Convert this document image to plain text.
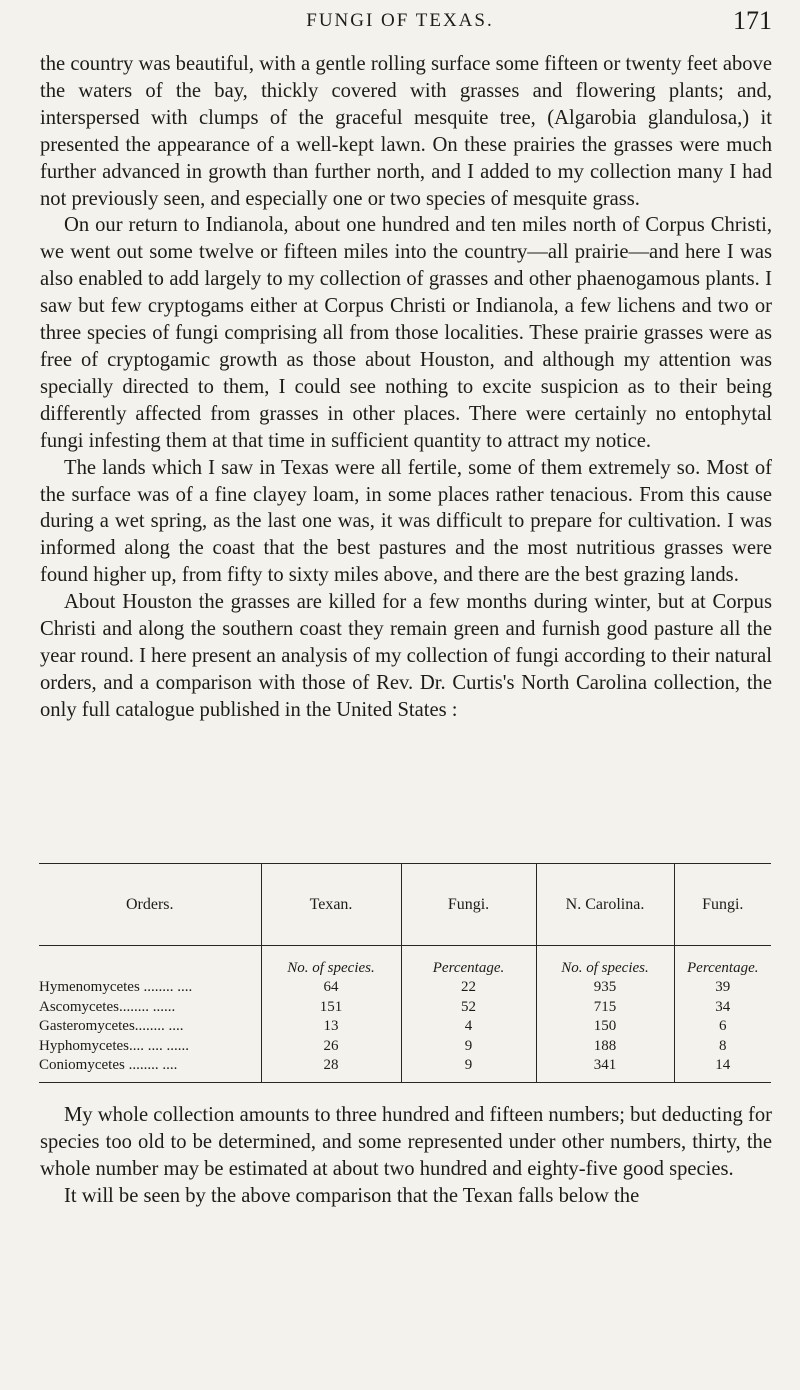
FUNGI OF TEXAS.	171

the country was beautiful, with a gentle rolling surface some fifteen or twenty feet above the waters of the bay, thickly covered with grasses and flowering plants; and, interspersed with clumps of the graceful mesquite tree, (Algarobia glandulosa,) it presented the appearance of a well-kept lawn. On these prairies the grasses were much further advanced in growth than further north, and I added to my collection many I had not previously seen, and especially one or two species of mesquite grass.

On our return to Indianola, about one hundred and ten miles north of Corpus Christi, we went out some twelve or fifteen miles into the country—all prairie—and here I was also enabled to add largely to my collection of grasses and other phaenogamous plants. I saw but few cryptogams either at Corpus Christi or Indianola, a few lichens and two or three species of fungi comprising all from those localities. These prairie grasses were as free of cryptogamic growth as those about Houston, and although my attention was specially directed to them, I could see nothing to excite suspicion as to their being differently affected from grasses in other places. There were certainly no entophytal fungi infesting them at that time in sufficient quantity to attract my notice.

The lands which I saw in Texas were all fertile, some of them extremely so. Most of the surface was of a fine clayey loam, in some places rather tenacious. From this cause during a wet spring, as the last one was, it was difficult to prepare for cultivation. I was informed along the coast that the best pastures and the most nutritious grasses were found higher up, from fifty to sixty miles above, and there are the best grazing lands.

About Houston the grasses are killed for a few months during winter, but at Corpus Christi and along the southern coast they remain green and furnish good pasture all the year round. I here present an analysis of my collection of fungi according to their natural orders, and a comparison with those of Rev. Dr. Curtis's North Carolina collection, the only full catalogue published in the United States :

Orders.	Texan.	Fungi.	N. Carolina.	Fungi.
	No. of species.	Percentage.	No. of species.	Percentage.
Hymenomycetes ........ ....	64	22	935	39
Ascomycetes........ ......	151	52	715	34
Gasteromycetes........ ....	13	4	150	6
Hyphomycetes.... .... ......	26	9	188	8
Coniomycetes ........ ....	28	9	341	14

My whole collection amounts to three hundred and fifteen numbers; but deducting for species too old to be determined, and some represented under other numbers, thirty, the whole number may be estimated at about two hundred and eighty-five good species.

It will be seen by the above comparison that the Texan falls below the
